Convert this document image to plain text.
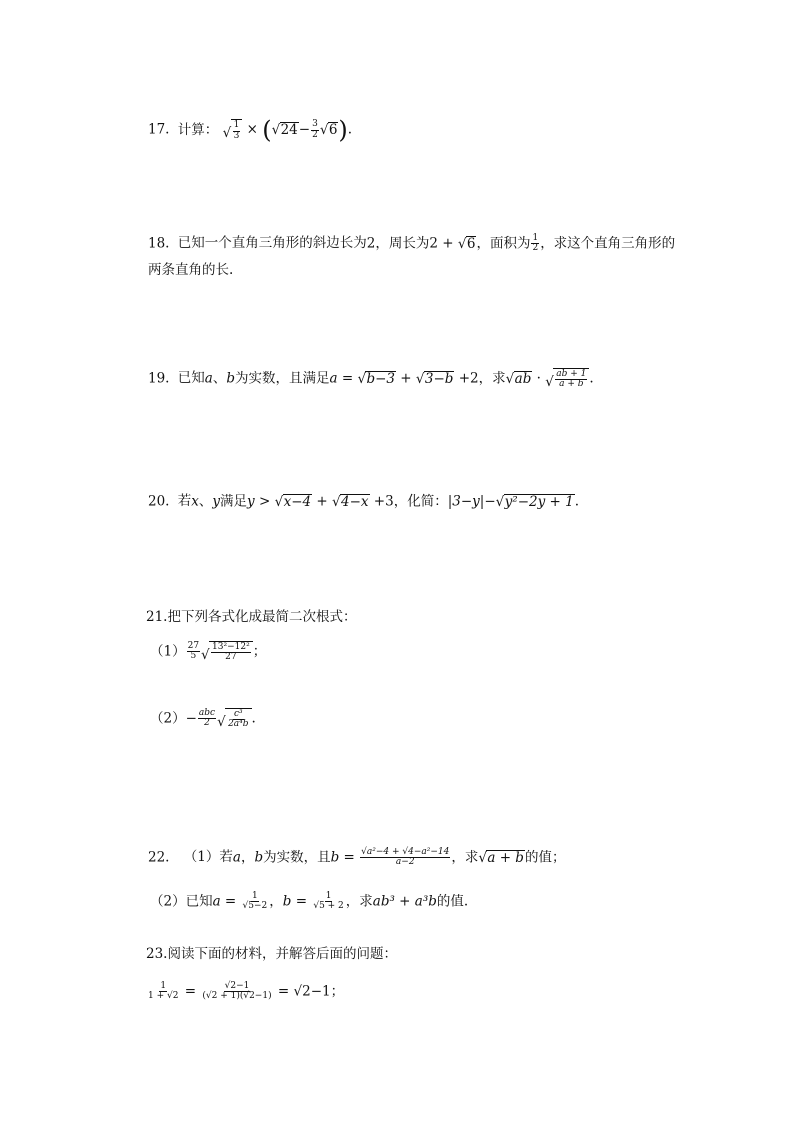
17. 计算： √ $\frac{1}{3}$ × ( √ $24- \frac{3}{2}$ √ 6).
18. 已知一个直角三角形的斜边长为2，周长为2 + √ 6，面积为 $\frac{1}{2}$ ，求这个直角三角形的
两条直角的长.
19. 已知a、b为实数，且满足a = √ b−3 + √ 3−b +2，求 √ ab · √ $\frac{ab + 1}{a + b}$ .
20. 若x、y满足y > √ x−4 + √ 4−x +3，化简：|3−y|− √ y²−2y + 1.
21.把下列各式化成最简二次根式：
$(1) \frac{27}{5}$ √ $\frac{\text{13²−12²}}{27}$ ；
$(2)- \frac{\text{abc}}{2}$ √ $\frac{\text{c³}}{\text{2a⁴b}}$ .
22. （1）若a，b为实数，且$b = \frac{\text{√a²−4 + √4−a²−14}}{a-2}$ ，求 √ a + b的值；
（2）已知$a = \frac{1}{√5-2}$ ，$b = \frac{1}{√5 + 2}$ ，求ab³ + a³b的值.
23.阅读下面的材料，并解答后面的问题：
$\frac{1}{1 + √2} = \frac{√2-1}{(√2 + 1)(√2-1)} = √2-1$；
